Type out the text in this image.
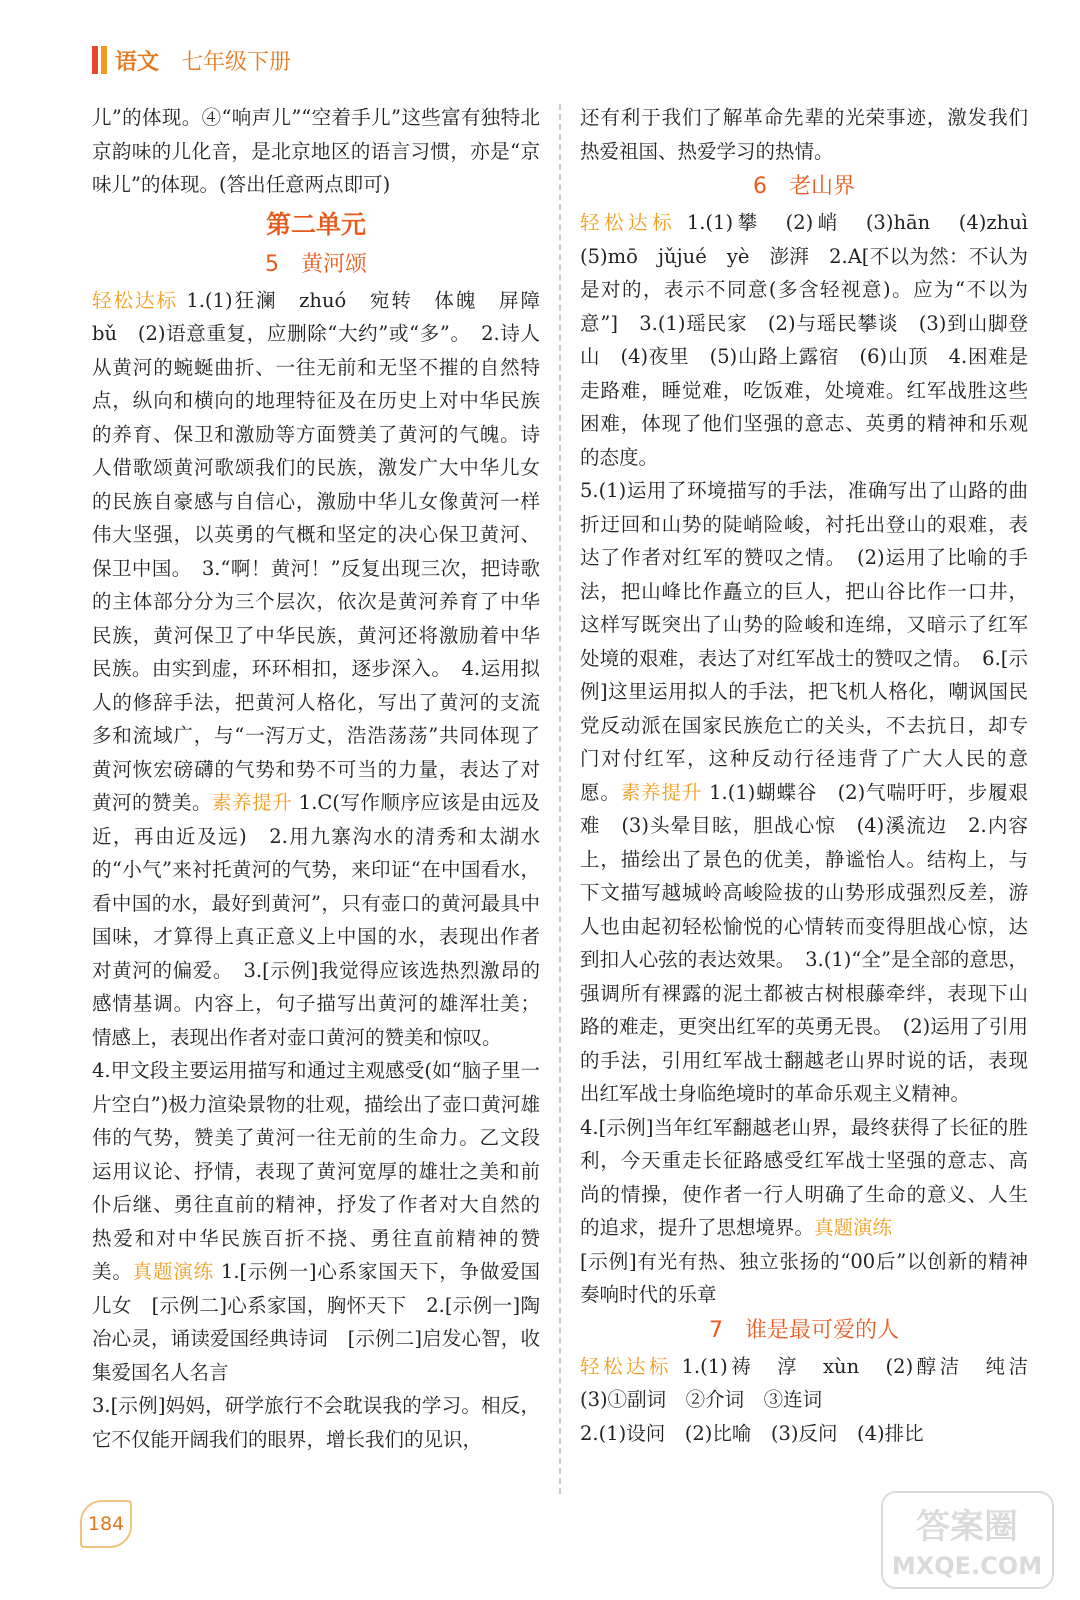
语文 七年级下册

儿”的体现。④“响声儿”“空着手儿”这些富有独特北京韵味的儿化音，是北京地区的语言习惯，亦是“京味儿”的体现。(答出任意两点即可)

第二单元
5　黄河颂

轻松达标 1.(1)狂澜　zhuó　宛转　体魄　屏障　bǔ　(2)语意重复，应删除“大约”或“多”。　2.诗人从黄河的蜿蜒曲折、一往无前和无坚不摧的自然特点，纵向和横向的地理特征及在历史上对中华民族的养育、保卫和激励等方面赞美了黄河的气魄。诗人借歌颂黄河歌颂我们的民族，激发广大中华儿女的民族自豪感与自信心，激励中华儿女像黄河一样伟大坚强，以英勇的气概和坚定的决心保卫黄河、保卫中国。　3.“啊！黄河！”反复出现三次，把诗歌的主体部分分为三个层次，依次是黄河养育了中华民族，黄河保卫了中华民族，黄河还将激励着中华民族。由实到虚，环环相扣，逐步深入。　4.运用拟人的修辞手法，把黄河人格化，写出了黄河的支流多和流域广，与“一泻万丈，浩浩荡荡”共同体现了黄河恢宏磅礴的气势和势不可当的力量，表达了对黄河的赞美。素养提升 1.C(写作顺序应该是由远及近，再由近及远)　2.用九寨沟水的清秀和太湖水的“小气”来衬托黄河的气势，来印证“在中国看水，看中国的水，最好到黄河”，只有壶口的黄河最具中国味，才算得上真正意义上中国的水，表现出作者对黄河的偏爱。　3.[示例]我觉得应该选热烈激昂的感情基调。内容上，句子描写出黄河的雄浑壮美；情感上，表现出作者对壶口黄河的赞美和惊叹。

4.甲文段主要运用描写和通过主观感受(如“脑子里一片空白”)极力渲染景物的壮观，描绘出了壶口黄河雄伟的气势，赞美了黄河一往无前的生命力。乙文段运用议论、抒情，表现了黄河宽厚的雄壮之美和前仆后继、勇往直前的精神，抒发了作者对大自然的热爱和对中华民族百折不挠、勇往直前精神的赞美。真题演练 1.[示例一]心系家国天下，争做爱国儿女　[示例二]心系家国，胸怀天下　2.[示例一]陶冶心灵，诵读爱国经典诗词　[示例二]启发心智，收集爱国名人名言

3.[示例]妈妈，研学旅行不会耽误我的学习。相反，它不仅能开阔我们的眼界，增长我们的见识，

还有利于我们了解革命先辈的光荣事迹，激发我们热爱祖国、热爱学习的热情。

6　老山界

轻松达标 1.(1)攀　(2)峭　(3)hān　(4)zhuì　(5)mō　jǔjué　yè　澎湃　2.A[不以为然：不认为是对的，表示不同意(多含轻视意)。应为“不以为意”]　3.(1)瑶民家　(2)与瑶民攀谈　(3)到山脚登山　(4)夜里　(5)山路上露宿　(6)山顶　4.困难是走路难，睡觉难，吃饭难，处境难。红军战胜这些困难，体现了他们坚强的意志、英勇的精神和乐观的态度。

5.(1)运用了环境描写的手法，准确写出了山路的曲折迂回和山势的陡峭险峻，衬托出登山的艰难，表达了作者对红军的赞叹之情。　(2)运用了比喻的手法，把山峰比作矗立的巨人，把山谷比作一口井，这样写既突出了山势的险峻和连绵，又暗示了红军处境的艰难，表达了对红军战士的赞叹之情。　6.[示例]这里运用拟人的手法，把飞机人格化，嘲讽国民党反动派在国家民族危亡的关头，不去抗日，却专门对付红军，这种反动行径违背了广大人民的意愿。素养提升 1.(1)蝴蝶谷　(2)气喘吁吁，步履艰难　(3)头晕目眩，胆战心惊　(4)溪流边　2.内容上，描绘出了景色的优美，静谧怡人。结构上，与下文描写越城岭高峻险拔的山势形成强烈反差，游人也由起初轻松愉悦的心情转而变得胆战心惊，达到扣人心弦的表达效果。　3.(1)“全”是全部的意思，强调所有裸露的泥土都被古树根藤牵绊，表现下山路的难走，更突出红军的英勇无畏。　(2)运用了引用的手法，引用红军战士翻越老山界时说的话，表现出红军战士身临绝境时的革命乐观主义精神。

4.[示例]当年红军翻越老山界，最终获得了长征的胜利，今天重走长征路感受红军战士坚强的意志、高尚的情操，使作者一行人明确了生命的意义、人生的追求，提升了思想境界。真题演练

[示例]有光有热、独立张扬的“00后”以创新的精神奏响时代的乐章

7　谁是最可爱的人

轻松达标 1.(1)祷　淳　xùn　(2)醇洁　纯洁　(3)①副词　②介词　③连词

2.(1)设问　(2)比喻　(3)反问　(4)排比

184	答案圈
MXQE.COM
